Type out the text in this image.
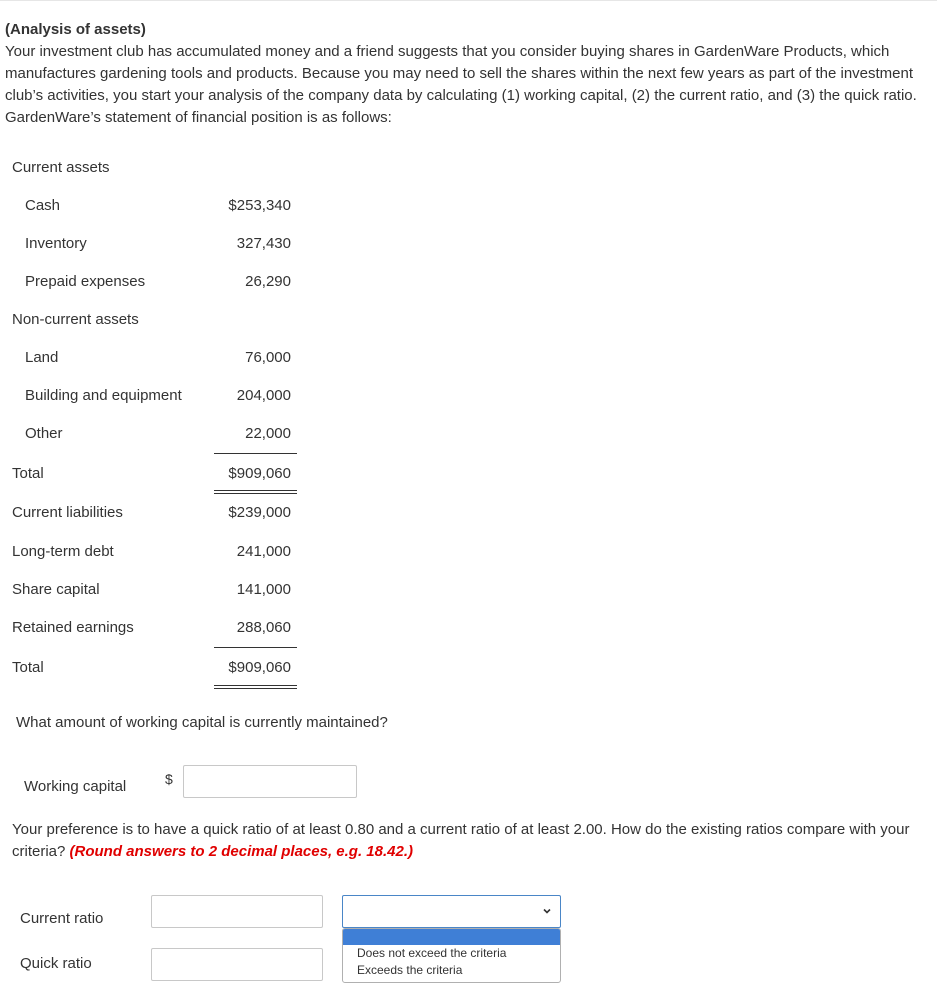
(Analysis of assets)
Your investment club has accumulated money and a friend suggests that you consider buying shares in GardenWare Products, which manufactures gardening tools and products. Because you may need to sell the shares within the next few years as part of the investment club’s activities, you start your analysis of the company data by calculating (1) working capital, (2) the current ratio, and (3) the quick ratio. GardenWare’s statement of financial position is as follows:
Current assets
Cash	$253,340
Inventory	327,430
Prepaid expenses	26,290
Non-current assets
Land	76,000
Building and equipment	204,000
Other	22,000
Total	$909,060
Current liabilities	$239,000
Long-term debt	241,000
Share capital	141,000
Retained earnings	288,060
Total	$909,060
What amount of working capital is currently maintained?
Working capital	$
Your preference is to have a quick ratio of at least 0.80 and a current ratio of at least 2.00. How do the existing ratios compare with your criteria? (Round answers to 2 decimal places, e.g. 18.42.)
Current ratio
Quick ratio
Does not exceed the criteria
Exceeds the criteria
